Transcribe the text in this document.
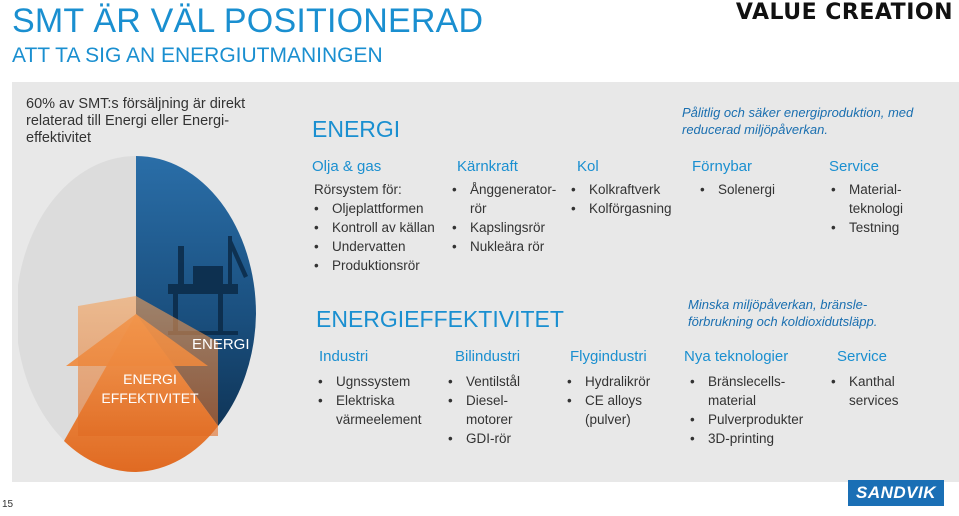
SMT ÄR VÄL POSITIONERAD
ATT TA SIG AN ENERGIUTMANINGEN
VALUE CREATION
60% av SMT:s försäljning är direkt relaterad till Energi eller Energi-effektivitet
ENERGI
ENERGI
EFFEKTIVITET
ENERGI
Pålitlig och säker energiproduktion, med reducerad miljöpåverkan.
Olja & gas	Kärnkraft	Kol	Förnybar	Service
Rörsystem för:
• Oljeplattformen
• Kontroll av källan
• Undervatten
• Produktionsrör
• Ånggenerator-
rör
• Kapslingsrör
• Nukleära rör
• Kolkraftverk
• Kolförgasning
• Solenergi
•	Material-
teknologi
• Testning
ENERGIEFFEKTIVITET
Minska miljöpåverkan, bränsle-förbrukning och koldioxidutsläpp.
Industri	Bilindustri	Flygindustri Nya teknologier	Service
• Ugnssystem
• Elektriska
värmeelement
• Ventilstål
• Diesel-
motorer
• GDI-rör
• Hydralikrör
• CE alloys
(pulver)
• Bränslecells-
material
• Pulverprodukter
• 3D-printing
• Kanthal
services
15
SANDVIK
